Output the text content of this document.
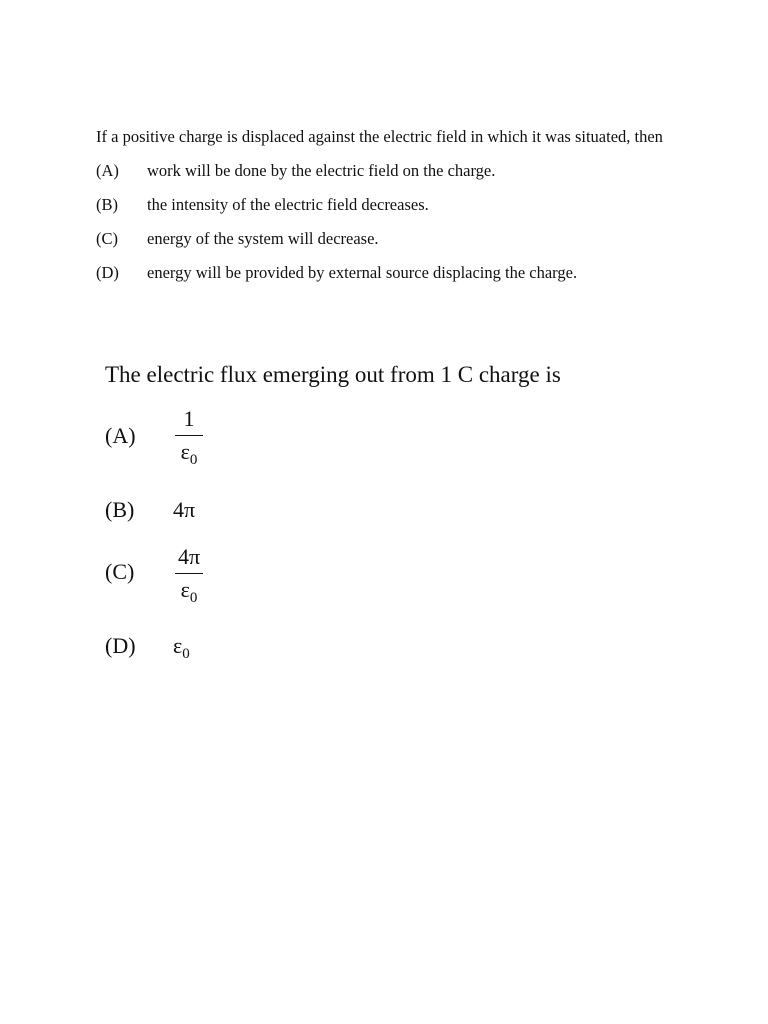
If a positive charge is displaced against the electric field in which it was situated, then

(A)	work will be done by the electric field on the charge.
(B)	the intensity of the electric field decreases.
(C)	energy of the system will decrease.
(D)	energy will be provided by external source displacing the charge.

The electric flux emerging out from 1 C charge is

(A)
1
$\varepsilon_0$
(B) 4π
(C)
4π
$\varepsilon_0$
(D) $\varepsilon_0$
